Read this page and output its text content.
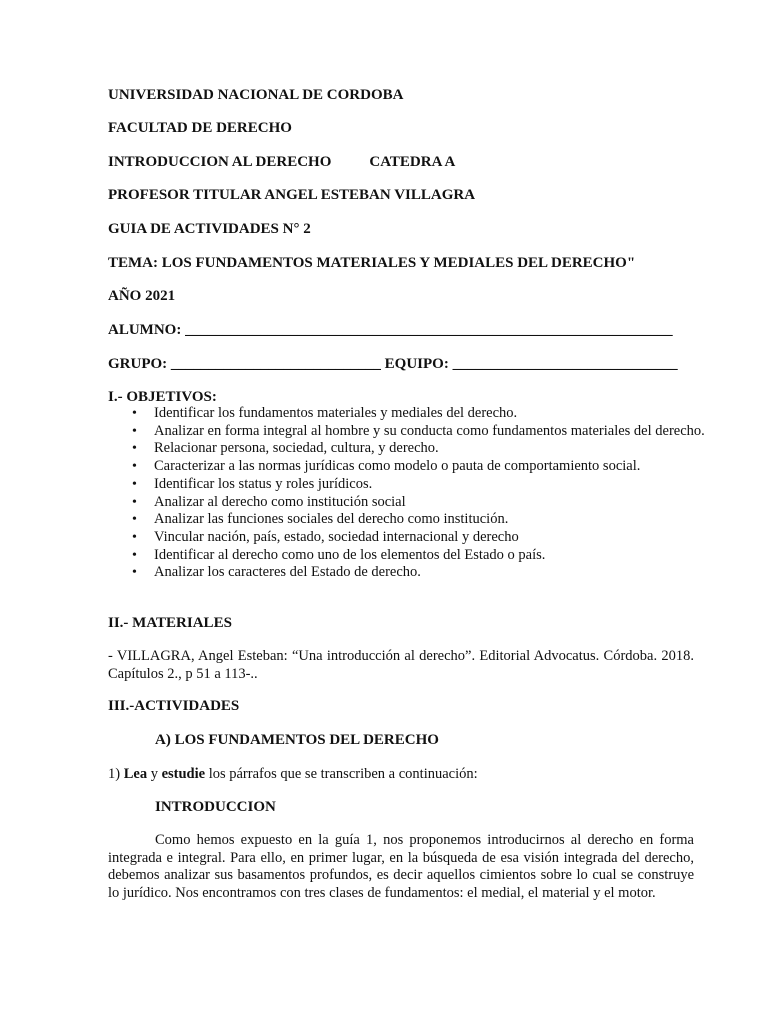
UNIVERSIDAD NACIONAL DE CORDOBA

FACULTAD DE DERECHO

INTRODUCCION AL DERECHO	CATEDRA A

PROFESOR TITULAR ANGEL ESTEBAN VILLAGRA

GUIA DE ACTIVIDADES N° 2

TEMA: LOS FUNDAMENTOS MATERIALES Y MEDIALES DEL DERECHO"

AÑO 2021

ALUMNO: _________________________________________________________________

GRUPO: ____________________________ EQUIPO: ______________________________

I.- OBJETIVOS:
• Identificar los fundamentos materiales y mediales del derecho.
• Analizar en forma integral al hombre y su conducta como fundamentos materiales del derecho.
• Relacionar persona, sociedad, cultura, y derecho.
• Caracterizar a las normas jurídicas como modelo o pauta de comportamiento social.
• Identificar los status y roles jurídicos.
• Analizar al derecho como institución social
• Analizar las funciones sociales del derecho como institución.
• Vincular nación, país, estado, sociedad internacional y derecho
• Identificar al derecho como uno de los elementos del Estado o país.
• Analizar los caracteres del Estado de derecho.
II.- MATERIALES

- VILLAGRA, Angel Esteban: “Una introducción al derecho”. Editorial Advocatus. Córdoba. 2018. Capítulos 2., p 51 a 113-..

III.-ACTIVIDADES
A) LOS FUNDAMENTOS DEL DERECHO

1) Lea y estudie los párrafos que se transcriben a continuación:

INTRODUCCION

Como hemos expuesto en la guía 1, nos proponemos introducirnos al derecho en forma integrada e integral. Para ello, en primer lugar, en la búsqueda de esa visión integrada del derecho, debemos analizar sus basamentos profundos, es decir aquellos cimientos sobre lo cual se construye lo jurídico. Nos encontramos con tres clases de fundamentos: el medial, el material y el motor.
